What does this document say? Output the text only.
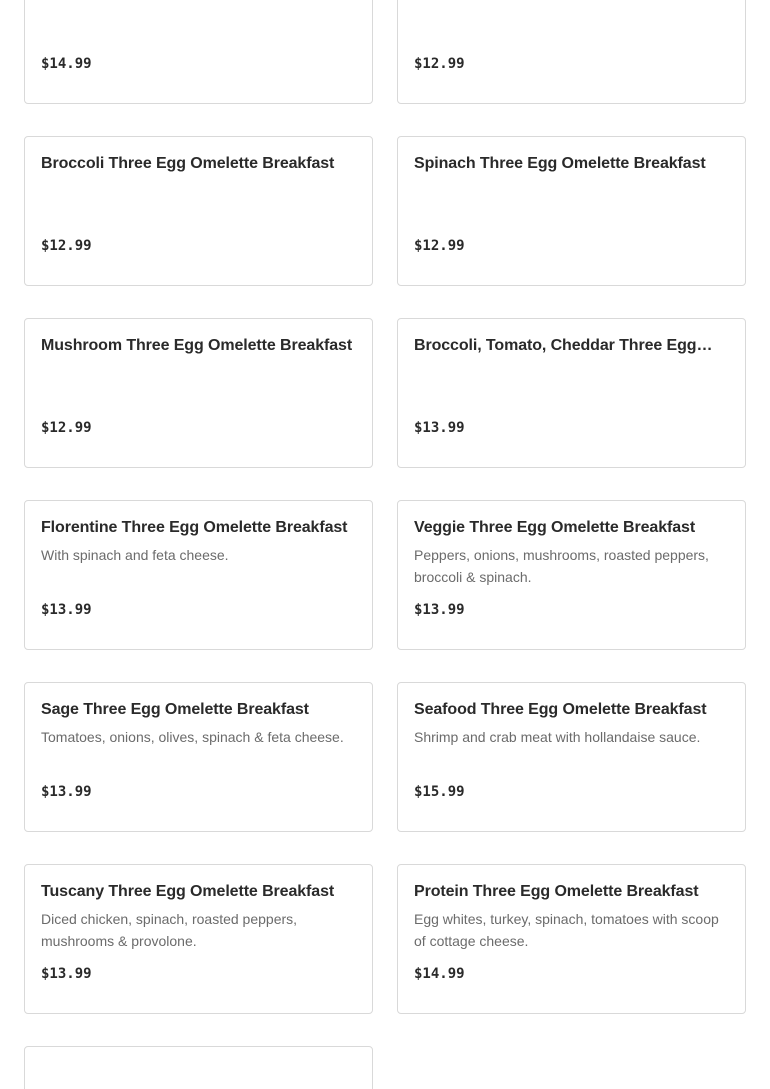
$14.99	$12.99
Broccoli Three Egg Omelette Breakfast
$12.99
Spinach Three Egg Omelette Breakfast
$12.99
Mushroom Three Egg Omelette Breakfast
$12.99
Broccoli, Tomato, Cheddar Three Egg…
$13.99
Florentine Three Egg Omelette Breakfast
With spinach and feta cheese.
$13.99
Veggie Three Egg Omelette Breakfast
Peppers, onions, mushrooms, roasted peppers, broccoli & spinach.
$13.99
Sage Three Egg Omelette Breakfast
Tomatoes, onions, olives, spinach & feta cheese.
$13.99
Seafood Three Egg Omelette Breakfast
Shrimp and crab meat with hollandaise sauce.
$15.99
Tuscany Three Egg Omelette Breakfast
Diced chicken, spinach, roasted peppers, mushrooms & provolone.
$13.99
Protein Three Egg Omelette Breakfast
Egg whites, turkey, spinach, tomatoes with scoop of cottage cheese.
$14.99
